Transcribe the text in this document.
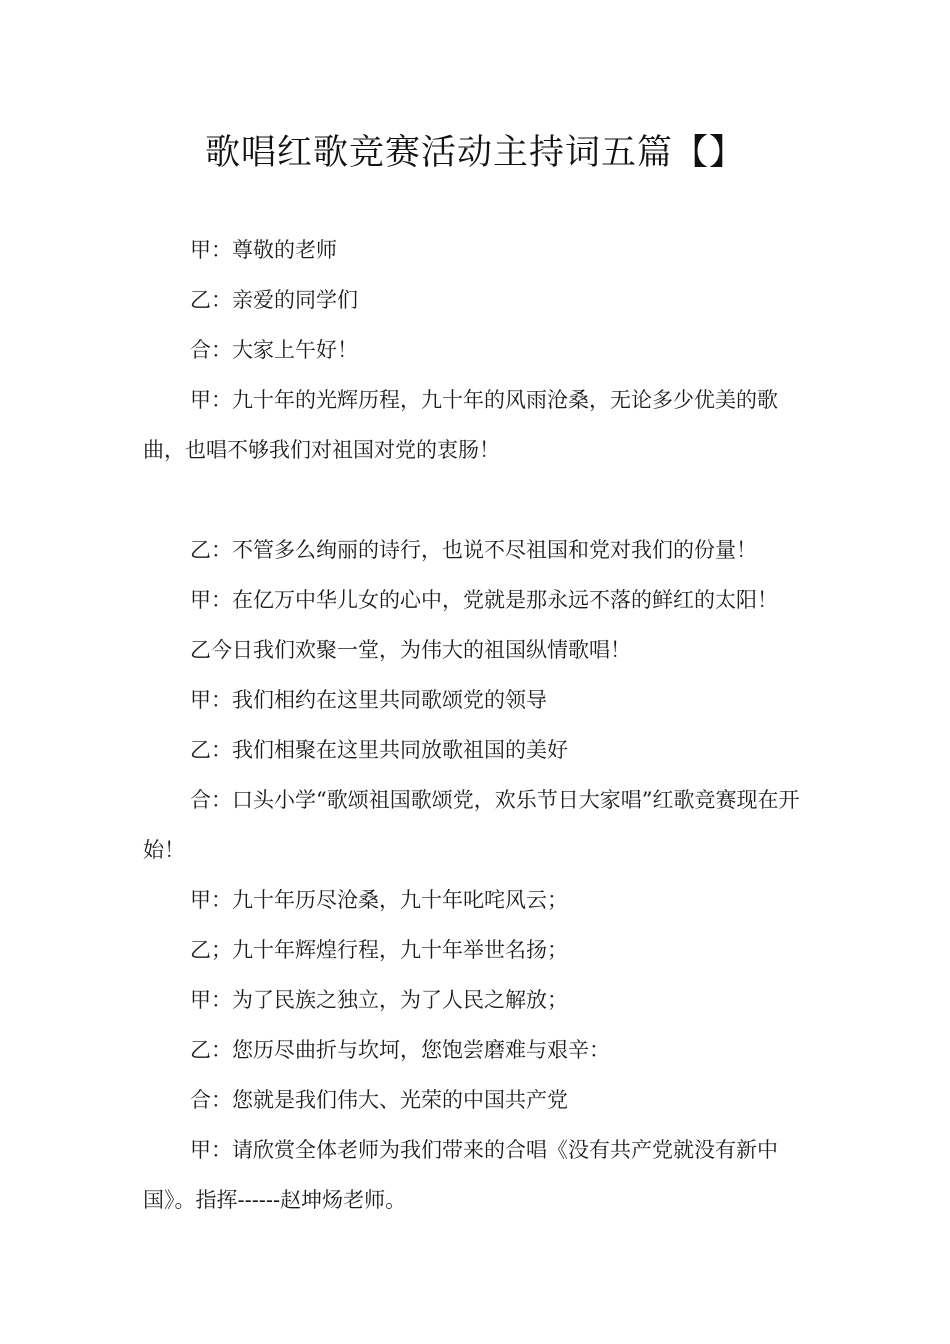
歌唱红歌竞赛活动主持词五篇【】

甲：尊敬的老师

乙：亲爱的同学们

合：大家上午好！

甲：九十年的光辉历程，九十年的风雨沧桑，无论多少优美的歌曲，也唱不够我们对祖国对党的衷肠！

乙：不管多么绚丽的诗行，也说不尽祖国和党对我们的份量！

甲：在亿万中华儿女的心中，党就是那永远不落的鲜红的太阳！

乙今日我们欢聚一堂，为伟大的祖国纵情歌唱！

甲：我们相约在这里共同歌颂党的领导

乙：我们相聚在这里共同放歌祖国的美好

合：口头小学“歌颂祖国歌颂党，欢乐节日大家唱”红歌竞赛现在开始！

甲：九十年历尽沧桑，九十年叱咤风云；

乙；九十年辉煌行程，九十年举世名扬；

甲：为了民族之独立，为了人民之解放；

乙：您历尽曲折与坎坷，您饱尝磨难与艰辛：

合：您就是我们伟大、光荣的中国共产党

甲：请欣赏全体老师为我们带来的合唱《没有共产党就没有新中国》。指挥------赵坤炀老师。
